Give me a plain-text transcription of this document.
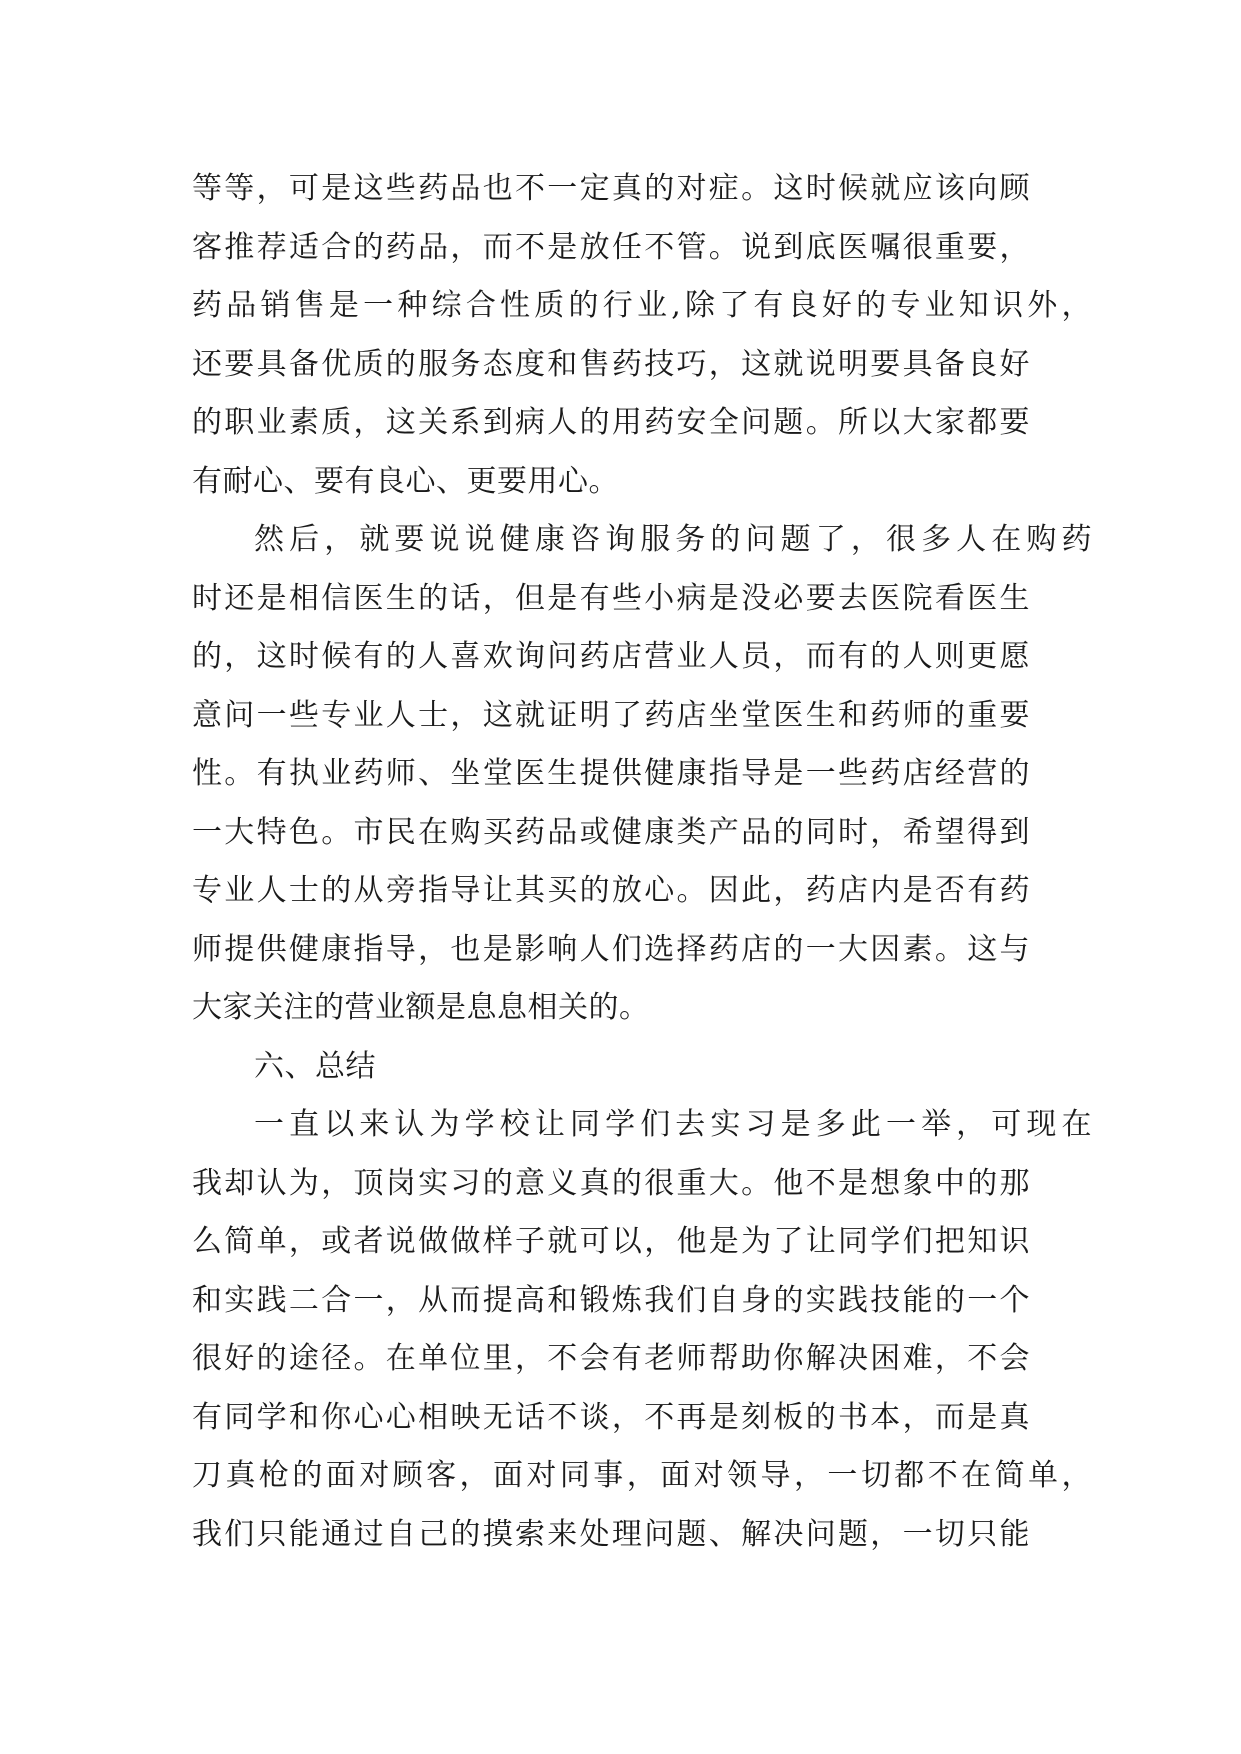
等等，可是这些药品也不一定真的对症。这时候就应该向顾
客推荐适合的药品，而不是放任不管。说到底医嘱很重要，
药品销售是一种综合性质的行业,除了有良好的专业知识外，
还要具备优质的服务态度和售药技巧，这就说明要具备良好
的职业素质，这关系到病人的用药安全问题。所以大家都要
有耐心、要有良心、更要用心。
然后，就要说说健康咨询服务的问题了，很多人在购药
时还是相信医生的话，但是有些小病是没必要去医院看医生
的，这时候有的人喜欢询问药店营业人员，而有的人则更愿
意问一些专业人士，这就证明了药店坐堂医生和药师的重要
性。有执业药师、坐堂医生提供健康指导是一些药店经营的
一大特色。市民在购买药品或健康类产品的同时，希望得到
专业人士的从旁指导让其买的放心。因此，药店内是否有药
师提供健康指导，也是影响人们选择药店的一大因素。这与
大家关注的营业额是息息相关的。
六、总结
一直以来认为学校让同学们去实习是多此一举，可现在
我却认为，顶岗实习的意义真的很重大。他不是想象中的那
么简单，或者说做做样子就可以，他是为了让同学们把知识
和实践二合一，从而提高和锻炼我们自身的实践技能的一个
很好的途径。在单位里，不会有老师帮助你解决困难，不会
有同学和你心心相映无话不谈，不再是刻板的书本，而是真
刀真枪的面对顾客，面对同事，面对领导，一切都不在简单，
我们只能通过自己的摸索来处理问题、解决问题，一切只能
